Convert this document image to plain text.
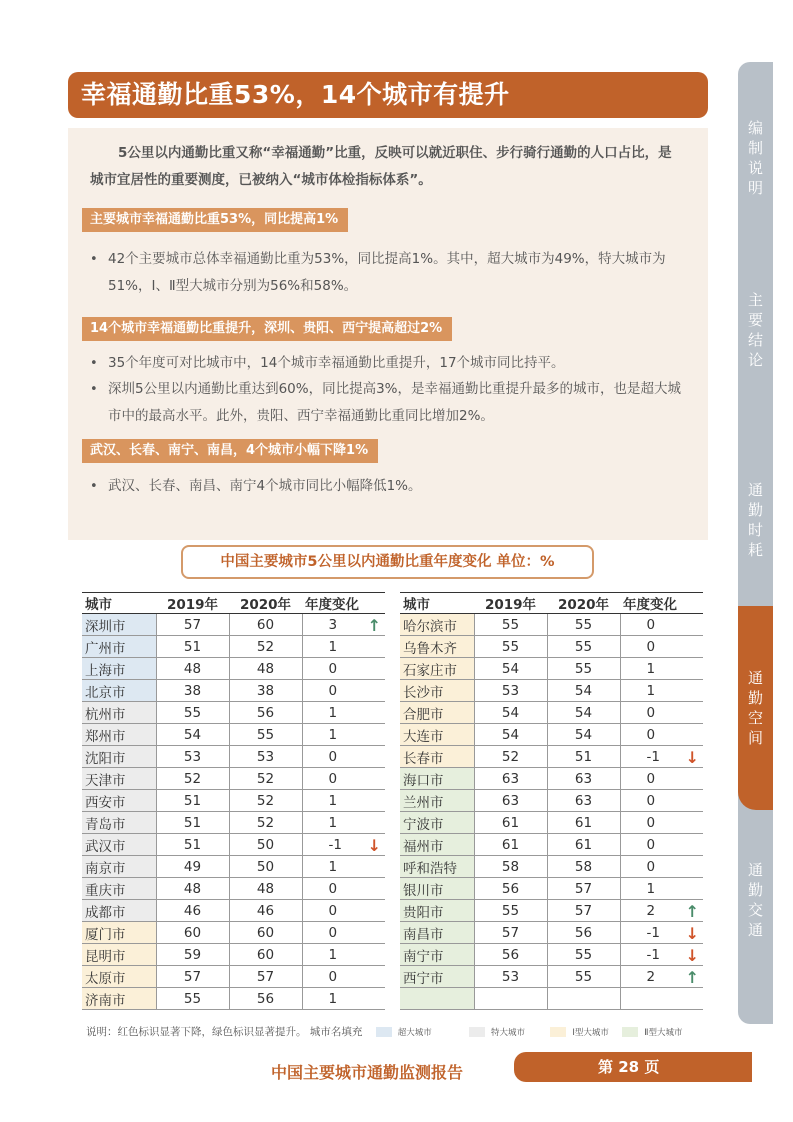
编制说明
主要结论
通勤时耗
通勤空间
通勤交通
幸福通勤比重53%，14个城市有提升
5公里以内通勤比重又称“幸福通勤”比重，反映可以就近职住、步行骑行通勤的人口占比，是城市宜居性的重要测度，已被纳入“城市体检指标体系”。
主要城市幸福通勤比重53%，同比提高1%
• 42个主要城市总体幸福通勤比重为53%，同比提高1%。其中，超大城市为49%，特大城市为51%，Ⅰ、Ⅱ型大城市分别为56%和58%。
14个城市幸福通勤比重提升，深圳、贵阳、西宁提高超过2%
• 35个年度可对比城市中，14个城市幸福通勤比重提升，17个城市同比持平。
• 深圳5公里以内通勤比重达到60%，同比提高3%，是幸福通勤比重提升最多的城市，也是超大城市中的最高水平。此外，贵阳、西宁幸福通勤比重同比增加2%。
武汉、长春、南宁、南昌，4个城市小幅下降1%
• 武汉、长春、南昌、南宁4个城市同比小幅降低1%。
中国主要城市5公里以内通勤比重年度变化 单位：%
城市	2019年	2020年	年度变化
深圳市	57	60	3 ↑

广州市	51	52	1
上海市	48	48	0
北京市	38	38	0
杭州市	55	56	1
郑州市	54	55	1
沈阳市	53	53	0
天津市	52	52	0
西安市	51	52	1
青岛市	51	52	1
武汉市	51	50	-1 ↓

南京市	49	50	1
重庆市	48	48	0
成都市	46	46	0
厦门市	60	60	0
昆明市	59	60	1
太原市	57	57	0
济南市	55	56	1
城市	2019年	2020年	年度变化
哈尔滨市	55	55	0
乌鲁木齐	55	55	0
石家庄市	54	55	1
长沙市	53	54	1
合肥市	54	54	0
大连市	54	54	0
长春市	52	51	-1 ↓

海口市	63	63	0
兰州市	63	63	0
宁波市	61	61	0
福州市	61	61	0
呼和浩特	58	58	0
银川市	56	57	1
贵阳市	55	57	2 ↑

南昌市	57	56	-1 ↓

南宁市	56	55	-1 ↓

西宁市	53	55	2 ↑

说明：红色标识显著下降，绿色标识显著提升。 城市名填充	超大城市	特大城市	Ⅰ型大城市	Ⅱ型大城市
中国主要城市通勤监测报告	第 28 页
